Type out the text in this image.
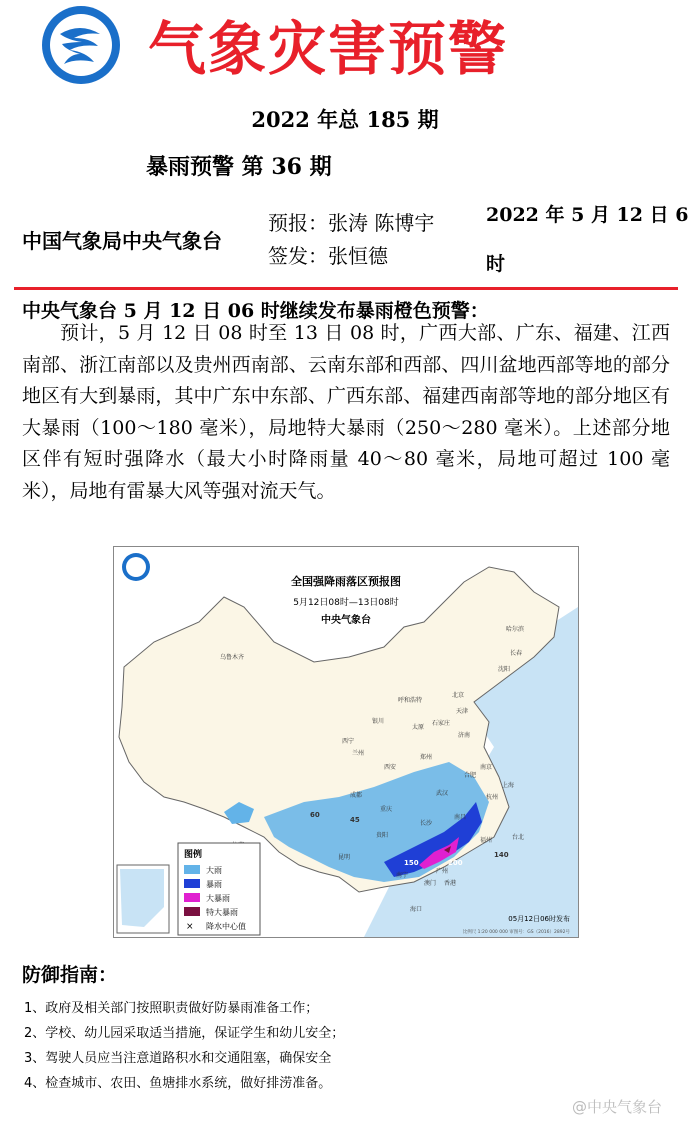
气象灾害预警
2022 年总 185 期
暴雨预警 第 36 期
中国气象局中央气象台
预报：张涛 陈博宇
签发：张恒德
2022 年 5 月 12 日 6
时
中央气象台 5 月 12 日 06 时继续发布暴雨橙色预警：
预计，5 月 12 日 08 时至 13 日 08 时，广西大部、广东、福建、江西南部、浙江南部以及贵州西南部、云南东部和西部、四川盆地西部等地的部分地区有大到暴雨，其中广东中东部、广西东部、福建西南部等地的部分地区有大暴雨（100～180 毫米），局地特大暴雨（250～280 毫米）。上述部分地区伴有短时强降水（最大小时降雨量 40～80 毫米，局地可超过 100 毫米），局地有雷暴大风等强对流天气。
全国强降雨落区预报图
5月12日08时—13日08时
中央气象台
乌鲁木齐
西宁
兰州
银川
呼和浩特
北京
天津
哈尔滨
长春
沈阳
太原
石家庄
济南
郑州
西安
成都
重庆
贵阳
昆明
长沙
武汉
合肥
南京
上海
杭州
福州
南昌
广州
南宁
海口
台北
香港
澳门
150	200
45
60
140
图例
大雨
暴雨
大暴雨
特大暴雨
× 降水中心值
05月12日06时发布
比例尺 1:20 000 000 审图号：GS（2016）2892号
防御指南：
1、政府及相关部门按照职责做好防暴雨准备工作；
2、学校、幼儿园采取适当措施，保证学生和幼儿安全；
3、驾驶人员应当注意道路积水和交通阻塞，确保安全
4、检查城市、农田、鱼塘排水系统，做好排涝准备。
@中央气象台
